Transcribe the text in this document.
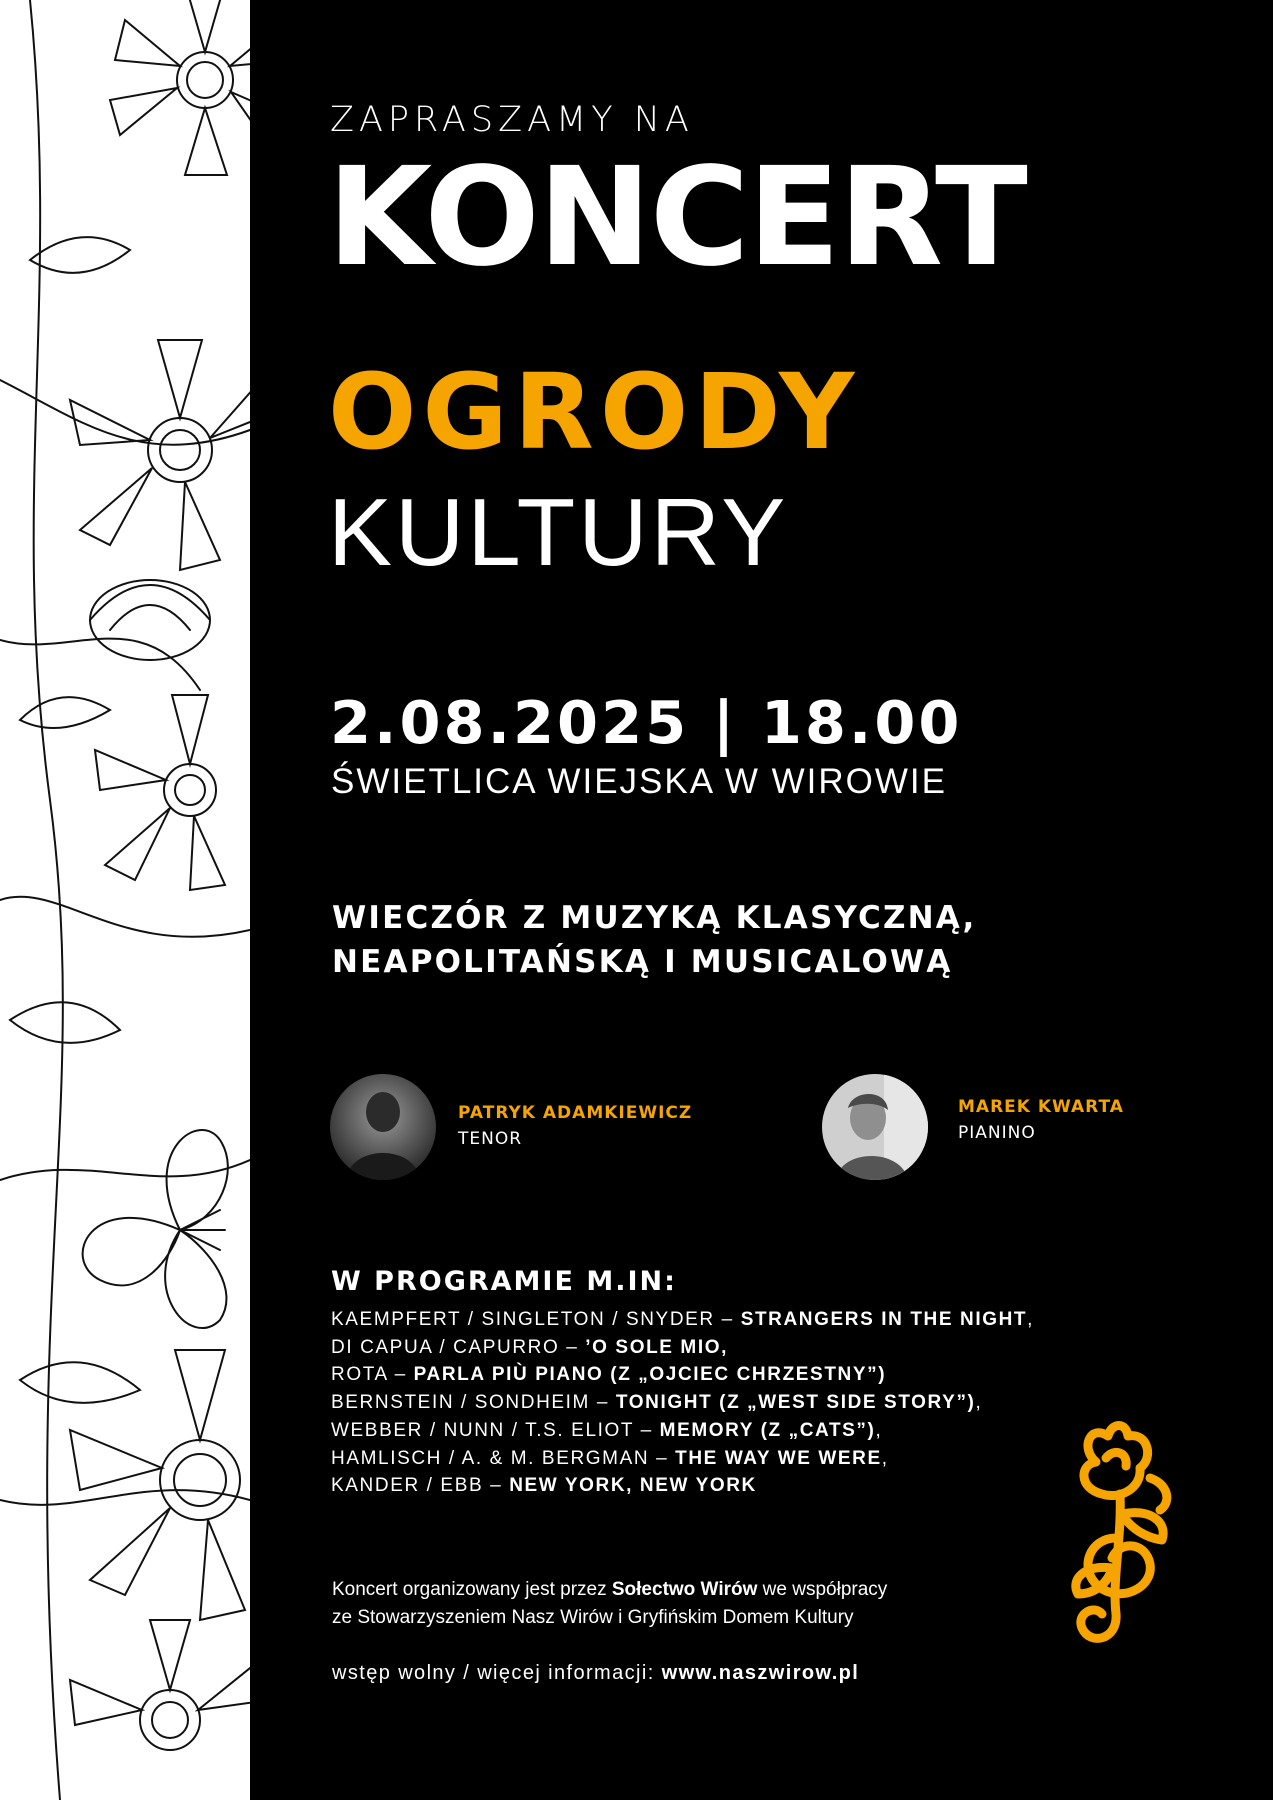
ZAPRASZAMY NA
KONCERT
OGRODY
KULTURY
2.08.2025 | 18.00
ŚWIETLICA WIEJSKA W WIROWIE
WIECZÓR Z MUZYKĄ KLASYCZNĄ,
NEAPOLITAŃSKĄ I MUSICALOWĄ
PATRYK ADAMKIEWICZ
TENOR
MAREK KWARTA
PIANINO
W PROGRAMIE M.IN:
KAEMPFERT / SINGLETON / SNYDER – STRANGERS IN THE NIGHT,
DI CAPUA / CAPURRO – ’O SOLE MIO,
ROTA – PARLA PIÙ PIANO (Z „OJCIEC CHRZESTNY”)
BERNSTEIN / SONDHEIM – TONIGHT (Z „WEST SIDE STORY”),
WEBBER / NUNN / T.S. ELIOT – MEMORY (Z „CATS”),
HAMLISCH / A. & M. BERGMAN – THE WAY WE WERE,
KANDER / EBB – NEW YORK, NEW YORK
Koncert organizowany jest przez Sołectwo Wirów we współpracy
ze Stowarzyszeniem Nasz Wirów i Gryfińskim Domem Kultury
wstęp wolny / więcej informacji: www.naszwirow.pl
